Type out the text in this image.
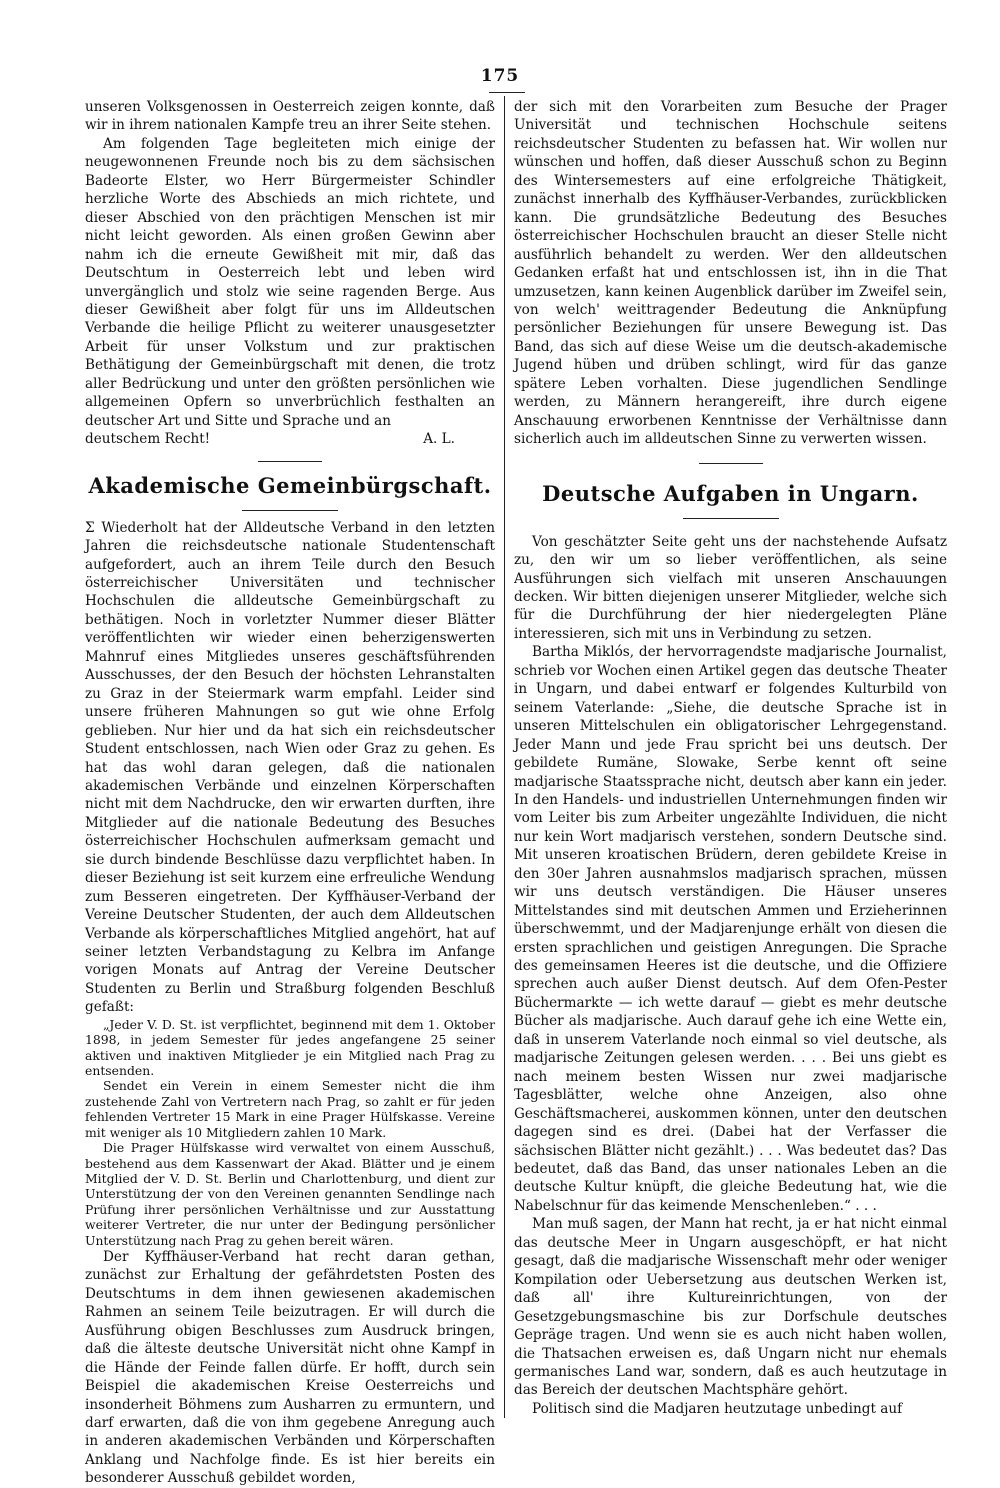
175

unseren Volksgenossen in Oesterreich zeigen konnte, daß wir in ihrem nationalen Kampfe treu an ihrer Seite stehen.

Am folgenden Tage begleiteten mich einige der neugewonnenen Freunde noch bis zu dem sächsischen Badeorte Elster, wo Herr Bürgermeister Schindler herzliche Worte des Abschieds an mich richtete, und dieser Abschied von den prächtigen Menschen ist mir nicht leicht geworden. Als einen großen Gewinn aber nahm ich die erneute Gewißheit mit mir, daß das Deutschtum in Oesterreich lebt und leben wird unvergänglich und stolz wie seine ragenden Berge. Aus dieser Gewißheit aber folgt für uns im Alldeutschen Verbande die heilige Pflicht zu weiterer unausgesetzter Arbeit für unser Volkstum und zur praktischen Bethätigung der Gemeinbürgschaft mit denen, die trotz aller Bedrückung und unter den größten persönlichen wie allgemeinen Opfern so unverbrüchlich festhalten an deutscher Art und Sitte und Sprache und an

deutschem Recht!	A. L.
Akademische Gemeinbürgschaft.

Σ Wiederholt hat der Alldeutsche Verband in den letzten Jahren die reichsdeutsche nationale Studentenschaft aufgefordert, auch an ihrem Teile durch den Besuch österreichischer Universitäten und technischer Hochschulen die alldeutsche Gemeinbürgschaft zu bethätigen. Noch in vorletzter Nummer dieser Blätter veröffentlichten wir wieder einen beherzigenswerten Mahnruf eines Mitgliedes unseres geschäftsführenden Ausschusses, der den Besuch der höchsten Lehranstalten zu Graz in der Steiermark warm empfahl. Leider sind unsere früheren Mahnungen so gut wie ohne Erfolg geblieben. Nur hier und da hat sich ein reichsdeutscher Student entschlossen, nach Wien oder Graz zu gehen. Es hat das wohl daran gelegen, daß die nationalen akademischen Verbände und einzelnen Körperschaften nicht mit dem Nachdrucke, den wir erwarten durften, ihre Mitglieder auf die nationale Bedeutung des Besuches österreichischer Hochschulen aufmerksam gemacht und sie durch bindende Beschlüsse dazu verpflichtet haben. In dieser Beziehung ist seit kurzem eine erfreuliche Wendung zum Besseren eingetreten. Der Kyffhäuser-Verband der Vereine Deutscher Studenten, der auch dem Alldeutschen Verbande als körperschaftliches Mitglied angehört, hat auf seiner letzten Verbandstagung zu Kelbra im Anfange vorigen Monats auf Antrag der Vereine Deutscher Studenten zu Berlin und Straßburg folgenden Beschluß gefaßt:

„Jeder V. D. St. ist verpflichtet, beginnend mit dem 1. Oktober 1898, in jedem Semester für jedes angefangene 25 seiner aktiven und inaktiven Mitglieder je ein Mitglied nach Prag zu entsenden.

Sendet ein Verein in einem Semester nicht die ihm zustehende Zahl von Vertretern nach Prag, so zahlt er für jeden fehlenden Vertreter 15 Mark in eine Prager Hülfskasse. Vereine mit weniger als 10 Mitgliedern zahlen 10 Mark.

Die Prager Hülfskasse wird verwaltet von einem Ausschuß, bestehend aus dem Kassenwart der Akad. Blätter und je einem Mitglied der V. D. St. Berlin und Charlottenburg, und dient zur Unterstützung der von den Vereinen genannten Sendlinge nach Prüfung ihrer persönlichen Verhältnisse und zur Ausstattung weiterer Vertreter, die nur unter der Bedingung persönlicher Unterstützung nach Prag zu gehen bereit wären.

Der Kyffhäuser-Verband hat recht daran gethan, zunächst zur Erhaltung der gefährdetsten Posten des Deutschtums in dem ihnen gewiesenen akademischen Rahmen an seinem Teile beizutragen. Er will durch die Ausführung obigen Beschlusses zum Ausdruck bringen, daß die älteste deutsche Universität nicht ohne Kampf in die Hände der Feinde fallen dürfe. Er hofft, durch sein Beispiel die akademischen Kreise Oesterreichs und insonderheit Böhmens zum Ausharren zu ermuntern, und darf erwarten, daß die von ihm gegebene Anregung auch in anderen akademischen Verbänden und Körperschaften Anklang und Nachfolge finde. Es ist hier bereits ein besonderer Ausschuß gebildet worden,

der sich mit den Vorarbeiten zum Besuche der Prager Universität und technischen Hochschule seitens reichsdeutscher Studenten zu befassen hat. Wir wollen nur wünschen und hoffen, daß dieser Ausschuß schon zu Beginn des Wintersemesters auf eine erfolgreiche Thätigkeit, zunächst innerhalb des Kyffhäuser-Verbandes, zurückblicken kann. Die grundsätzliche Bedeutung des Besuches österreichischer Hochschulen braucht an dieser Stelle nicht ausführlich behandelt zu werden. Wer den alldeutschen Gedanken erfaßt hat und entschlossen ist, ihn in die That umzusetzen, kann keinen Augenblick darüber im Zweifel sein, von welch' weittragender Bedeutung die Anknüpfung persönlicher Beziehungen für unsere Bewegung ist. Das Band, das sich auf diese Weise um die deutsch-akademische Jugend hüben und drüben schlingt, wird für das ganze spätere Leben vorhalten. Diese jugendlichen Sendlinge werden, zu Männern herangereift, ihre durch eigene Anschauung erworbenen Kenntnisse der Verhältnisse dann sicherlich auch im alldeutschen Sinne zu verwerten wissen.

Deutsche Aufgaben in Ungarn.

Von geschätzter Seite geht uns der nachstehende Aufsatz zu, den wir um so lieber veröffentlichen, als seine Ausführungen sich vielfach mit unseren Anschauungen decken. Wir bitten diejenigen unserer Mitglieder, welche sich für die Durchführung der hier niedergelegten Pläne interessieren, sich mit uns in Verbindung zu setzen.

Bartha Miklós, der hervorragendste madjarische Journalist, schrieb vor Wochen einen Artikel gegen das deutsche Theater in Ungarn, und dabei entwarf er folgendes Kulturbild von seinem Vaterlande: „Siehe, die deutsche Sprache ist in unseren Mittelschulen ein obligatorischer Lehrgegenstand. Jeder Mann und jede Frau spricht bei uns deutsch. Der gebildete Rumäne, Slowake, Serbe kennt oft seine madjarische Staatssprache nicht, deutsch aber kann ein jeder. In den Handels- und industriellen Unternehmungen finden wir vom Leiter bis zum Arbeiter ungezählte Individuen, die nicht nur kein Wort madjarisch verstehen, sondern Deutsche sind. Mit unseren kroatischen Brüdern, deren gebildete Kreise in den 30er Jahren ausnahmslos madjarisch sprachen, müssen wir uns deutsch verständigen. Die Häuser unseres Mittelstandes sind mit deutschen Ammen und Erzieherinnen überschwemmt, und der Madjarenjunge erhält von diesen die ersten sprachlichen und geistigen Anregungen. Die Sprache des gemeinsamen Heeres ist die deutsche, und die Offiziere sprechen auch außer Dienst deutsch. Auf dem Ofen-Pester Büchermarkte — ich wette darauf — giebt es mehr deutsche Bücher als madjarische. Auch darauf gehe ich eine Wette ein, daß in unserem Vaterlande noch einmal so viel deutsche, als madjarische Zeitungen gelesen werden. . . . Bei uns giebt es nach meinem besten Wissen nur zwei madjarische Tagesblätter, welche ohne Anzeigen, also ohne Geschäftsmacherei, auskommen können, unter den deutschen dagegen sind es drei. (Dabei hat der Verfasser die sächsischen Blätter nicht gezählt.) . . . Was bedeutet das? Das bedeutet, daß das Band, das unser nationales Leben an die deutsche Kultur knüpft, die gleiche Bedeutung hat, wie die Nabelschnur für das keimende Menschenleben.“ . . .

Man muß sagen, der Mann hat recht, ja er hat nicht einmal das deutsche Meer in Ungarn ausgeschöpft, er hat nicht gesagt, daß die madjarische Wissenschaft mehr oder weniger Kompilation oder Uebersetzung aus deutschen Werken ist, daß all' ihre Kultureinrichtungen, von der Gesetzgebungsmaschine bis zur Dorfschule deutsches Gepräge tragen. Und wenn sie es auch nicht haben wollen, die Thatsachen erweisen es, daß Ungarn nicht nur ehemals germanisches Land war, sondern, daß es auch heutzutage in das Bereich der deutschen Machtsphäre gehört.

Politisch sind die Madjaren heutzutage unbedingt auf
